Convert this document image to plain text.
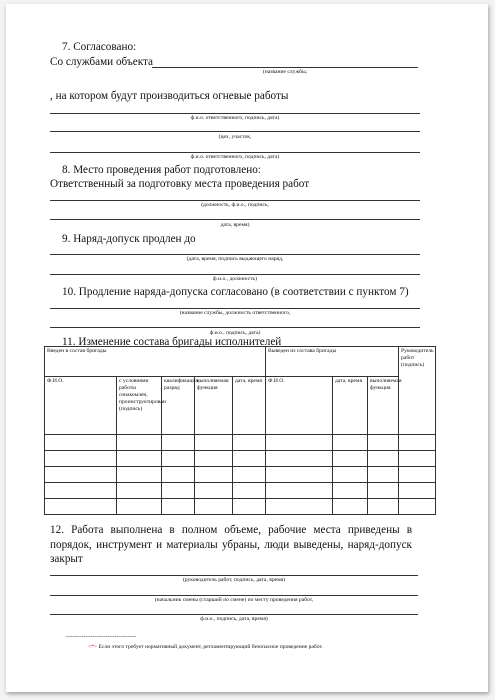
7. Согласовано:
Со службами объекта
(название службы,
, на котором будут производиться огневые работы
ф.и.о. ответственного, подпись, дата)
(цех, участок,
ф.и.о. ответственного, подпись, дата)
8. Место проведения работ подготовлено:
Ответственный за подготовку места проведения работ
(должность, ф.и.о., подпись,
дата, время)
9. Наряд-допуск продлен до
(дата, время, подпись выдающего наряд,
ф.и.о., должность)
10. Продление наряда-допуска согласовано (в соответствии с пунктом 7)
(название службы, должность ответственного,
ф.и.о., подпись, дата)
11. Изменение состава бригады исполнителей
Введен в состав бригады					Выведен из состава бригады			Руководитель работ (подпись)
Ф.И.О.	с условиями работы ознакомлен, проинструктирован (подпись)	квалификация, разряд	выполняемая функция	дата, время	Ф.И.О.	дата, время	выполняемая функция	

12. Работа выполнена в полном объеме, рабочие места приведены в порядок, инструмент и материалы убраны, люди выведены, наряд-допуск закрыт
(руководитель работ, подпись, дата, время)
(начальник смены (старший по смене) по месту проведения работ,
ф.и.о., подпись, дата, время)
--------------------------------
<*> Если этого требует нормативный документ, регламентирующий безопасное проведение работ.
